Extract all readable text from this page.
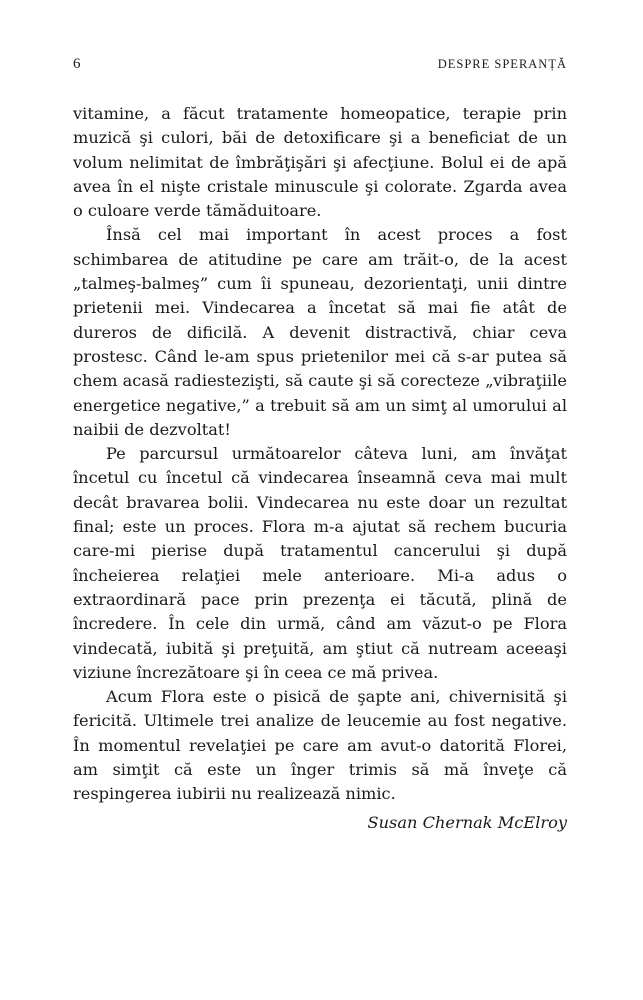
6	DESPRE SPERANȚĂ

vitamine, a făcut tratamente homeopatice, terapie prin muzică şi culori, băi de detoxificare şi a beneficiat de un volum nelimitat de îmbrăţişări şi afecţiune. Bolul ei de apă avea în el nişte cristale minuscule şi colorate. Zgarda avea o culoare verde tămăduitoare.

Însă cel mai important în acest proces a fost schimbarea de atitudine pe care am trăit-o, de la acest „talmeş-balmeş” cum îi spuneau, dezorientaţi, unii dintre prietenii mei. Vindecarea a încetat să mai fie atât de dureros de dificilă. A devenit distractivă, chiar ceva prostesc. Când le-am spus prietenilor mei că s-ar putea să chem acasă radiestezişti, să caute şi să corecteze „vibraţiile energetice negative,” a trebuit să am un simţ al umorului al naibii de dezvoltat!

Pe parcursul următoarelor câteva luni, am învăţat încetul cu încetul că vindecarea înseamnă ceva mai mult decât bravarea bolii. Vindecarea nu este doar un rezultat final; este un proces. Flora m-a ajutat să rechem bucuria care-mi pierise după tratamentul cancerului şi după încheierea relaţiei mele anterioare. Mi-a adus o extraordinară pace prin prezenţa ei tăcută, plină de încredere. În cele din urmă, când am văzut-o pe Flora vindecată, iubită şi preţuită, am ştiut că nutream aceeaşi viziune încrezătoare şi în ceea ce mă privea.

Acum Flora este o pisică de şapte ani, chivernisită şi fericită. Ultimele trei analize de leucemie au fost negative. În momentul revelaţiei pe care am avut-o datorită Florei, am simţit că este un înger trimis să mă înveţe că respingerea iubirii nu realizează nimic.

Susan Chernak McElroy
